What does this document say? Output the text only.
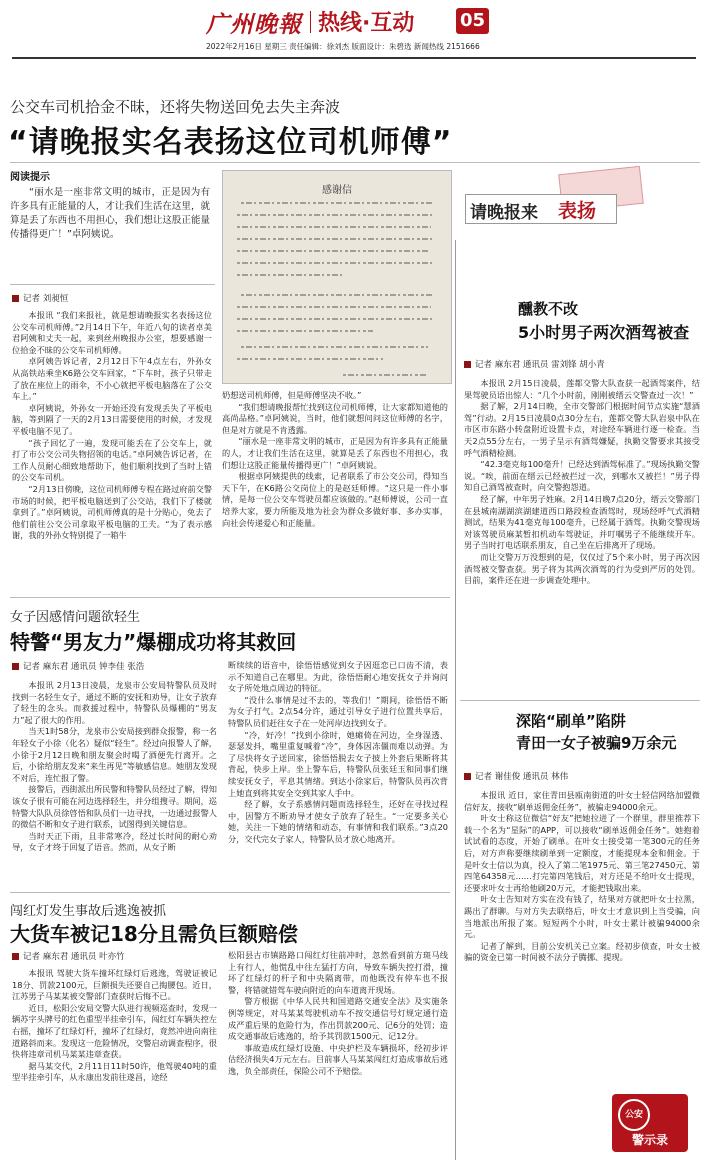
广州晚報 热线·互动	05
2022年2月16日 星期三 责任编辑：徐刘杰 版面设计：朱碧选 新闻热线 2151666
公交车司机拾金不昧，还将失物送回免去失主奔波
“请晚报实名表扬这位司机师傅”
阅读提示

“丽水是一座非常文明的城市，正是因为有许多具有正能量的人，才让我们生活在这里，就算是丢了东西也不用担心，我们想让这股正能量传播得更广！”卓阿姨说。

记者 刘昶恒

本报讯 “我们来报社，就是想请晚报实名表扬这位公交车司机师傅。”2月14日下午，年近八旬的读者卓美君阿姨和丈夫一起，来到丝州晚报办公室，想要感谢一位拾金不昧的公交车司机师傅。

卓阿姨告诉记者，2月12日下午4点左右，外孙女从高铁站乘坐K6路公交车回家，“下车时，孩子只带走了放在座位上的雨伞，不小心就把平板电脑落在了公交车上。”

卓阿姨说，外孙女一开始还没有发现丢失了平板电脑，等到隔了一天的2月13日需要使用的时候，才发现平板电脑不见了。

“孩子回忆了一遍，发现可能丢在了公交车上，就打了市公交公司失物招领的电话。”卓阿姨告诉记者，在工作人员耐心细致地帮助下，他们顺利找到了当时上错的公交车司机。

“2月13日傍晚，这位司机师傅专程在路过府前交警市场的时候，把平板电脑送到了公交站，我们下了楼就拿到了。”卓阿姨说，司机师傅真的是十分贴心，免去了他们前往公交公司拿取平板电脑的工夫。“为了表示感谢，我的外孙女特别提了一箱牛

感谢信
请晚报来 表扬

奶想送司机师傅，但是师傅坚决不收。”

“我们想请晚报帮忙找到这位司机师傅，让大家都知道他的高尚品格。”卓阿姨说，当时，他们就想问问这位师傅的名字，但是对方就是不肯透露。

“丽水是一座非常文明的城市，正是因为有许多具有正能量的人，才让我们生活在这里，就算是丢了东西也不用担心，我们想让这股正能量传播得更广！”卓阿姨说。

根据卓阿姨提供的线索，记者联系了市公交公司，得知当天下午，在K6路公交岗位上的是赵廷师傅。“这只是一件小事情，是每一位公交车驾驶员都应该做的。”赵师傅说，公司一直培养大家，要力所能及地为社会为群众多做好事、多办实事，向社会传递爱心和正能量。

女子因感情问题欲轻生
特警“男友力”爆棚成功将其救回
记者 麻东君 通讯员 钟李佳 张浩

本报讯 2月13日凌晨，龙泉市公安局特警队员及时找到一名轻生女子，通过不断的安抚和劝导，让女子放弃了轻生的念头。而救援过程中，特警队员爆棚的“男友力”起了很大的作用。

当天1时58分，龙泉市公安局接到群众报警，称一名年轻女子小徐（化名）疑似“轻生”。经过向报警人了解，小徐于2月12日晚和朋友聚会时喝了酒便先行离开。之后，小徐给朋友发来“来生再见”等敏感信息。她朋友发现不对后，连忙报了警。

接警后，西街派出所民警和特警队员经过了解，得知该女子很有可能在河边选择轻生，并分组搜寻。期间，巡特警大队队员徐啓悟和队员们一边寻找，一边通过报警人的微信不断和女子进行联系，试图得到关键信息。

当时天正下雨，且非常寒冷，经过长时间的耐心劝导，女子才终于回复了语音。然而，从女子断

断续续的语音中，徐悟悟感觉到女子因逛恋已口齿不清，表示不知道自己在哪里。为此，徐悟悟耐心地安抚女子并询问女子所处地点周边的特征。

“没什么事情是过不去的，等我们！”期间，徐悟悟不断为女子打气。2点54分许，通过引导女子进行位置共享后，特警队员们赶往女子在一处河岸边找到女子。

“冷，好冷！”找到小徐时，她瘫倚在河边，全身湿透、瑟瑟发抖，嘴里重复喊着“冷”，身体因冻僵而难以动弹。为了尽快将女子送回家，徐悟悟脱去女子披上外套后果断将其背起，快步上岸。坐上警车后，特警队员张廷玉和同事们继续安抚女子，平息其情绪。到达小徐家后，特警队员再次背上她直到将其安全交到其家人手中。

经了解，女子系感情问题而选择轻生，还好在寻找过程中，因警方不断劝导才使女子放弃了轻生。“一定要多关心她，关注一下她的情绪和动态，有事情和我们联系。”3点20分，交代完女子家人，特警队员才放心地离开。

闯红灯发生事故后逃逸被抓
大货车被记18分且需负巨额赔偿
记者 麻东君 通讯员 叶亦竹

本报讯 驾驶大货车撞坏红绿灯后逃逸，驾驶证被记18分、罚款2100元，巨额损失还要自己掏腰包。近日，江苏男子马某某被交警部门查获时后悔不已。

近日，松阳公安局交警大队进行视频巡查时，发现一辆苏字头牌号的红色重型半挂牵引车，闯红灯车辆失控左右摇，撞坏了红绿灯杆，撞坏了红绿灯，竟然冲进向南往道路斜而来。发现这一危险情况，交警启动调查程序，很快将违章司机马某某违章查获。

据马某交代，2月11日11时50许，他驾驶40吨的重型半挂牵引车，从永康出发前往遂昌，途经

松阳县古市镇路路口闯红灯往前冲时，忽然看到前方斑马线上有行人，他慌乱中往左猛打方向，导致车辆失控打滑，撞坏了红绿灯的杆子和中央隔离带，而他既没有停车也不报警，将错就错驾车驶向附近的向车道离开现场。

警方根据《中华人民共和国道路交通安全法》及实施条例等规定，对马某某驾驶机动车不按交通信号灯规定通行造成严重后果的危险行为，作出罚款200元、记6分的处罚；造成交通事故后逃逸的，给予其罚款1500元、记12分。

事故造成红绿灯设施、中央护栏及车辆损坏，经初步评估经济损失4万元左右。目前事人马某某闯红灯造成事故后逃逸，负全部责任，保险公司不予赔偿。

醺教不改
5小时男子两次酒驾被查
记者 麻东君 通讯员 雷刘锋 胡小青

本报讯 2月15日凌晨，莲都交警大队查获一起酒驾案件，结果驾驶员语出惊人：“几个小时前，刚刚被缙云交警查过一次！”

据了解，2月14日晚，全市交警部门根据时间节点实施“慧酒驾”行动。2月15日凌晨0点30分左右，莲都交警大队岩泉中队在市区市东路小转盘附近设置卡点，对途经车辆进行逐一检查。当天2点55分左右，一男子呈示有酒驾嫌疑，执勤交警要求其接受呼气酒精检测。

“42.3毫克每100毫升！已经达到酒驾标准了。”现场执勤交警说。“唉，前面在缙云已经被拦过一次，到哪水又被拦！”男子得知自己酒驾被查时，向交警抱怨道。

经了解，中年男子姓麻。2月14日晚7点20分，缙云交警部门在县城南湖湖滨湖建道西口路段检查酒驾时，现场经呼气式酒精测试，结果为41毫克每100毫升，已经属于酒驾。执勤交警现场对该驾驶员麻某暂扣机动车驾驶证，并叮嘱男子不能继续开车。男子当时打电话联系朋友，自己坐在后排离开了现场。

而让交警万万没想到的是，仅仅过了5个来小时，男子再次因酒驾被交警查获。男子将为其两次酒驾的行为受到严厉的处罚。目前，案件还在进一步调查处理中。

深陷“刷单”陷阱
青田一女子被骗9万余元
记者 谢佳俊 通讯员 林伟

本报讯 近日，家住青田县瓯南街道的叶女士轻信网络加盟微信好友，接收“刷单返佣金任务”，被骗走94000余元。

叶女士称这位微信“好友”把她拉进了一个群里，群里推荐下载一个名为“星际”的APP，可以接收“刷单返佣金任务”。她抱着试试看的态度，开始了刷单。在叶女士接受第一笔300元的任务后，对方声称要继续刷单到一定额度，才能提现本金和佣金。于是叶女士信以为真，投入了第二笔1975元、第三笔27450元、第四笔64358元……打完第四笔钱后，对方还是不给叶女士提现，还要求叶女士再给他刷20万元，才能把钱取出来。

叶女士告知对方实在没有钱了，结果对方就把叶女士拉黑，踢出了群聊。与对方失去联络后，叶女士才意识到上当受骗，向当地派出所报了案。短短两个小时，叶女士累计被骗94000余元。

记者了解到，目前公安机关已立案。经初步侦查，叶女士被骗的资金已第一时间被不法分子腾挪、提现。

公安
警示录
